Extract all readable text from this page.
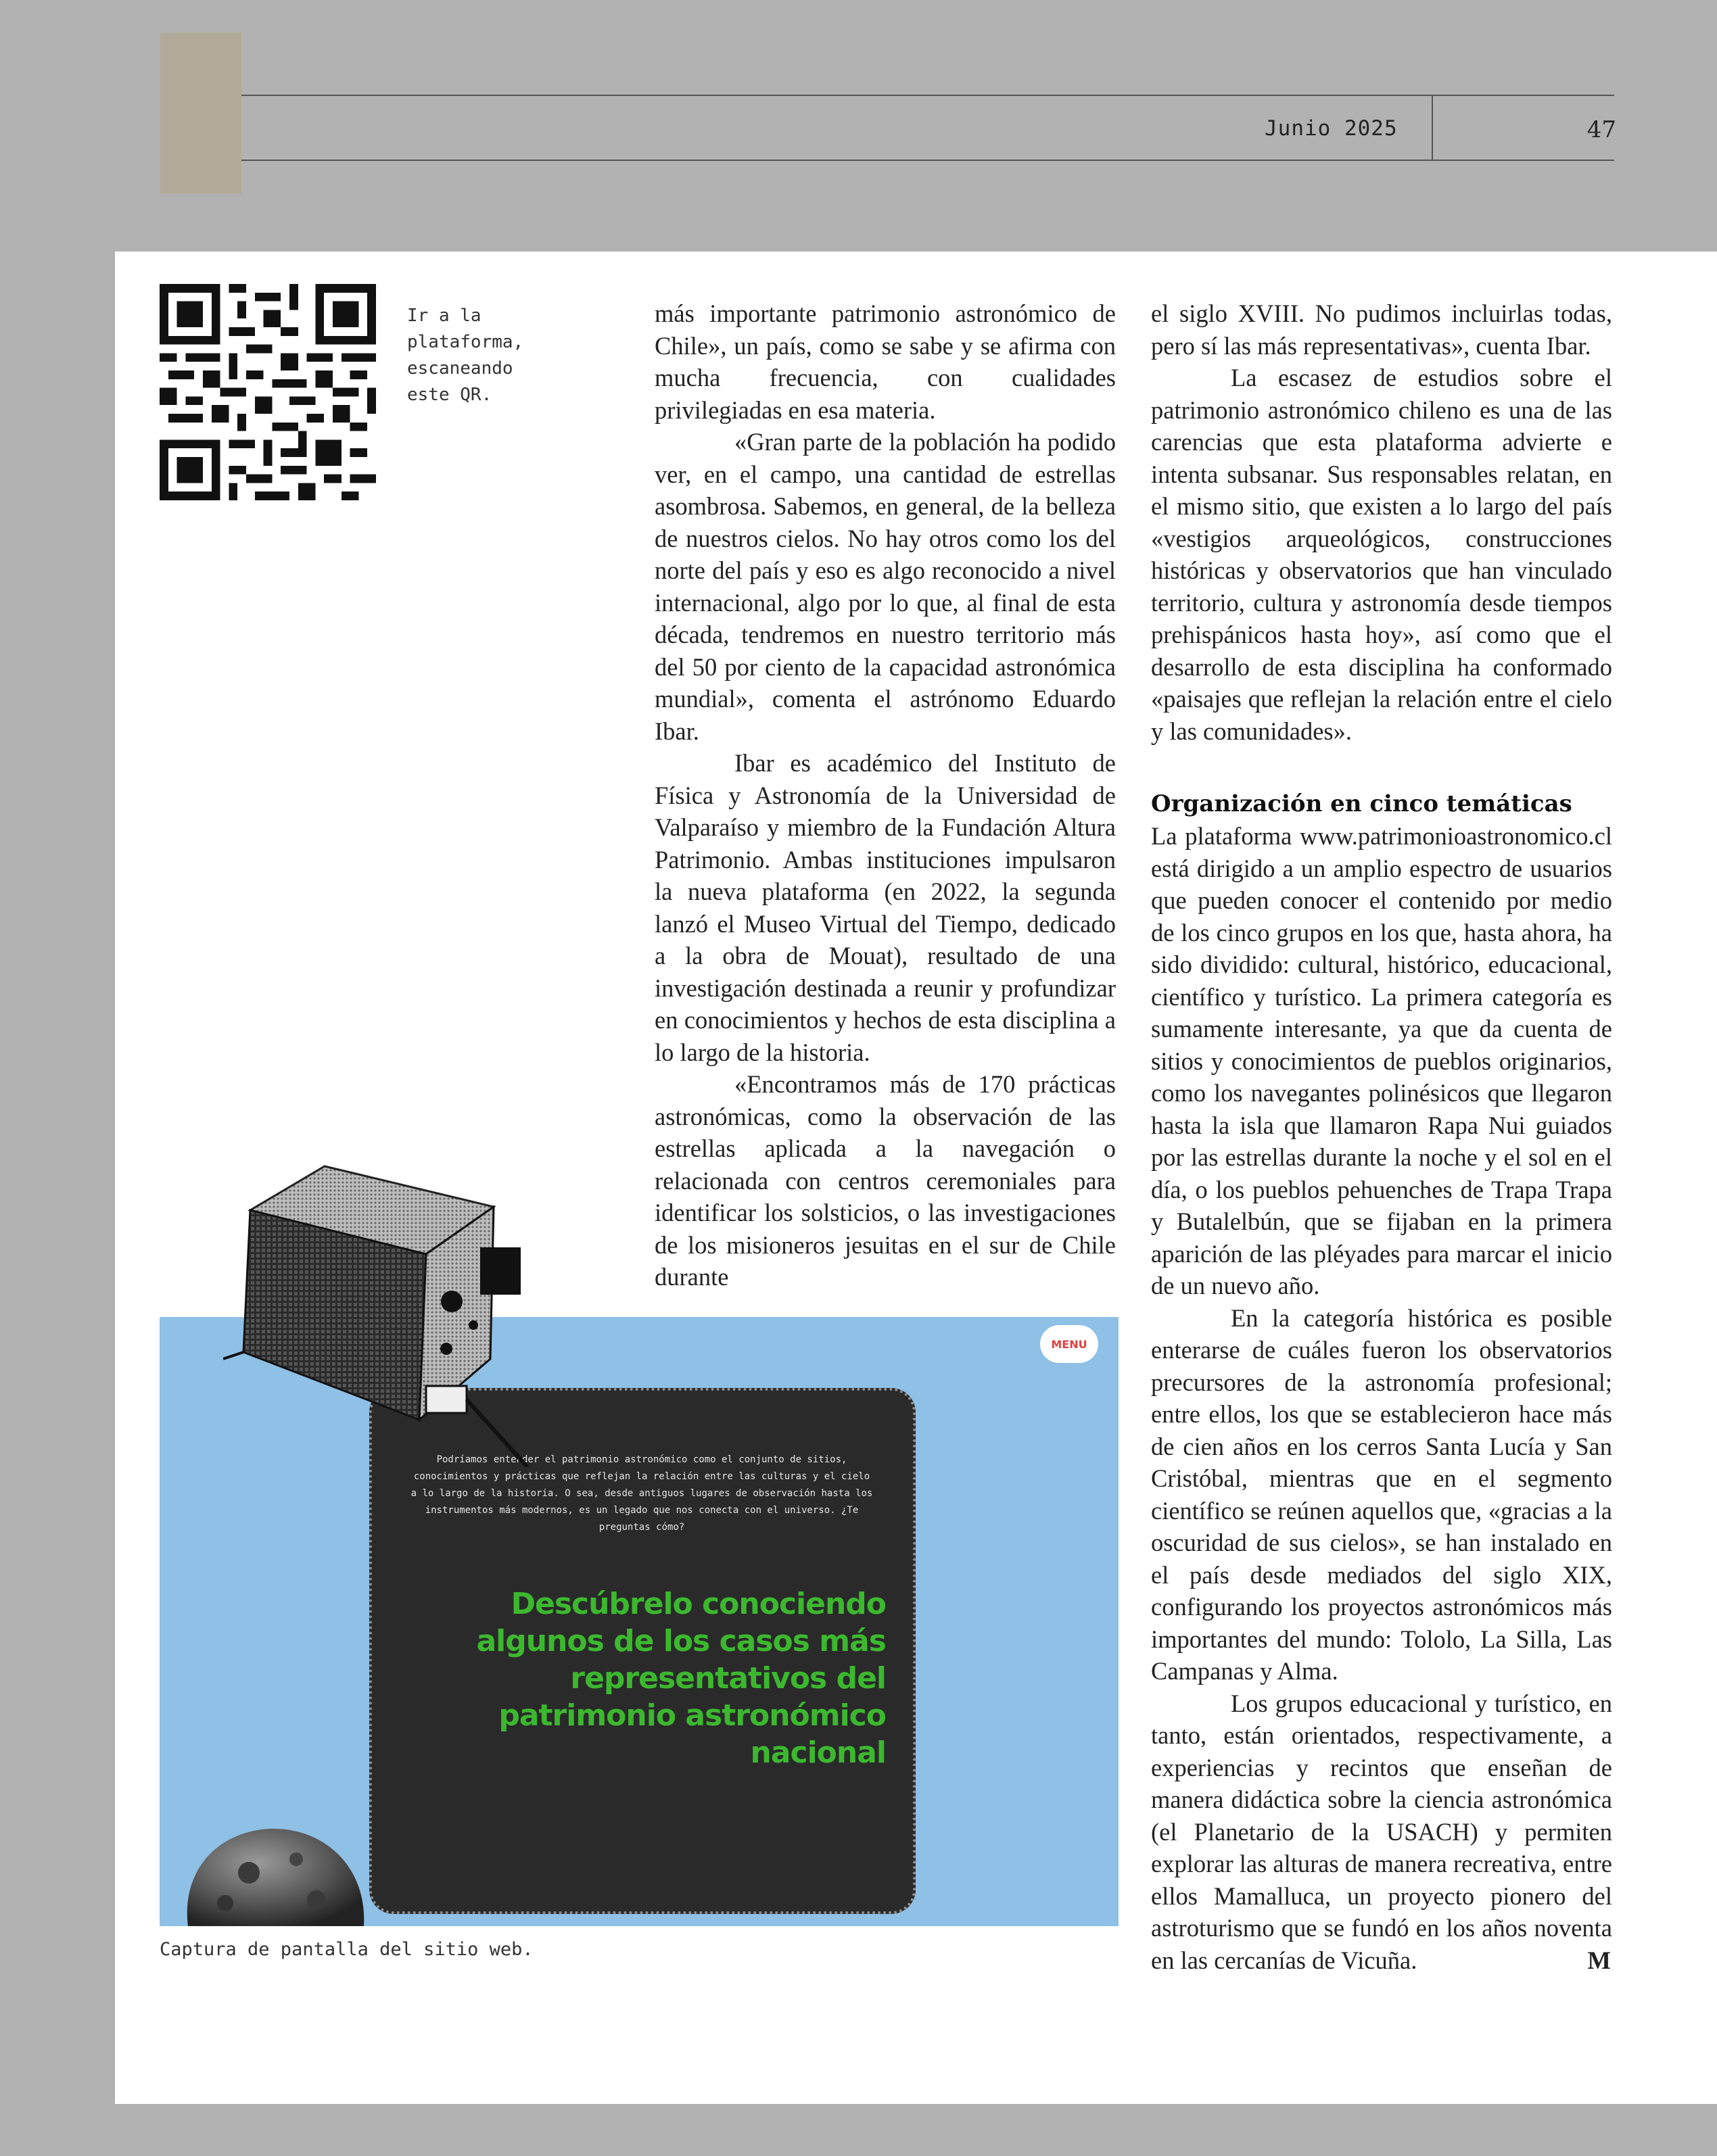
Junio 2025	47
Ir a la plataforma, escaneando este QR.

más importante patrimonio astronómico de Chile», un país, como se sabe y se afirma con mucha frecuencia, con cualidades privilegiadas en esa materia.

«Gran parte de la población ha podido ver, en el campo, una cantidad de estrellas asombrosa. Sabemos, en general, de la belleza de nuestros cielos. No hay otros como los del norte del país y eso es algo reconocido a nivel internacional, algo por lo que, al final de esta década, tendremos en nuestro territorio más del 50 por ciento de la capacidad astronómica mundial», comenta el astrónomo Eduardo Ibar.

Ibar es académico del Instituto de Física y Astronomía de la Universidad de Valparaíso y miembro de la Fundación Altura Patrimonio. Ambas instituciones impulsaron la nueva plataforma (en 2022, la segunda lanzó el Museo Virtual del Tiempo, dedicado a la obra de Mouat), resultado de una investigación destinada a reunir y profundizar en conocimientos y hechos de esta disciplina a lo largo de la historia.

«Encontramos más de 170 prácticas astronómicas, como la observación de las estrellas aplicada a la navegación o relacionada con centros ceremoniales para identificar los solsticios, o las investigaciones de los misioneros jesuitas en el sur de Chile durante

el siglo XVIII. No pudimos incluirlas todas, pero sí las más representativas», cuenta Ibar.

La escasez de estudios sobre el patrimonio astronómico chileno es una de las carencias que esta plataforma advierte e intenta subsanar. Sus responsables relatan, en el mismo sitio, que existen a lo largo del país «vestigios arqueológicos, construcciones históricas y observatorios que han vinculado territorio, cultura y astronomía desde tiempos prehispánicos hasta hoy», así como que el desarrollo de esta disciplina ha conformado «paisajes que reflejan la relación entre el cielo y las comunidades».

Organización en cinco temáticas

La plataforma www.patrimonioastronomico.cl está dirigido a un amplio espectro de usuarios que pueden conocer el contenido por medio de los cinco grupos en los que, hasta ahora, ha sido dividido: cultural, histórico, educacional, científico y turístico. La primera categoría es sumamente interesante, ya que da cuenta de sitios y conocimientos de pueblos originarios, como los navegantes polinésicos que llegaron hasta la isla que llamaron Rapa Nui guiados por las estrellas durante la noche y el sol en el día, o los pueblos pehuenches de Trapa Trapa y Butalelbún, que se fijaban en la primera aparición de las pléyades para marcar el inicio de un nuevo año.

En la categoría histórica es posible enterarse de cuáles fueron los observatorios precursores de la astronomía profesional; entre ellos, los que se establecieron hace más de cien años en los cerros Santa Lucía y San Cristóbal, mientras que en el segmento científico se reúnen aquellos que, «gracias a la oscuridad de sus cielos», se han instalado en el país desde mediados del siglo XIX, configurando los proyectos astronómicos más importantes del mundo: Tololo, La Silla, Las Campanas y Alma.

Los grupos educacional y turístico, en tanto, están orientados, respectivamente, a experiencias y recintos que enseñan de manera didáctica sobre la ciencia astronómica (el Planetario de la USACH) y permiten explorar las alturas de manera recreativa, entre ellos Mamalluca, un proyecto pionero del astroturismo que se fundó en los años noventa en las cercanías de Vicuña.	M

MENU
Podríamos entender el patrimonio astronómico como el conjunto de sitios, conocimientos y prácticas que reflejan la relación entre las culturas y el cielo a lo largo de la historia. O sea, desde antiguos lugares de observación hasta los instrumentos más modernos, es un legado que nos conecta con el universo. ¿Te preguntas cómo?
Descúbrelo conociendo algunos de los casos más representativos del patrimonio astronómico nacional
Captura de pantalla del sitio web.
